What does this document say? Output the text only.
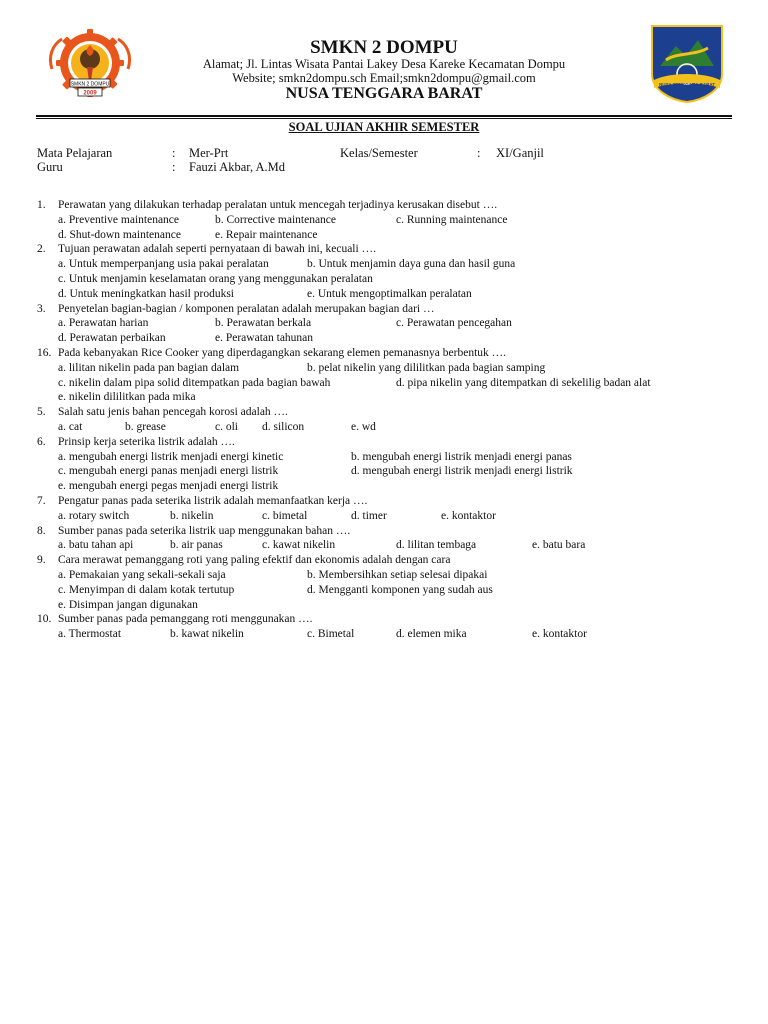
SMKN 2 DOMPU
2009
NUSA TENGGARA BARAT
SMKN 2 DOMPU
Alamat; Jl. Lintas Wisata Pantai Lakey Desa Kareke Kecamatan Dompu
Website; smkn2dompu.sch Email;smkn2dompu@gmail.com
NUSA TENGGARA BARAT
SOAL UJIAN AKHIR SEMESTER
Mata Pelajaran	: Mer-Prt	Kelas/Semester	: XI/Ganjil
Guru	: Fauzi Akbar, A.Md
1. Perawatan yang dilakukan terhadap peralatan untuk mencegah terjadinya kerusakan disebut ….
a. Preventive maintenance	b. Corrective maintenance	c. Running maintenance
d. Shut-down maintenance	e. Repair maintenance
2. Tujuan perawatan adalah seperti pernyataan di bawah ini, kecuali ….
a. Untuk memperpanjang usia pakai peralatan	b. Untuk menjamin daya guna dan hasil guna
c. Untuk menjamin keselamatan orang yang menggunakan peralatan
d. Untuk meningkatkan hasil produksi	e. Untuk mengoptimalkan peralatan
3. Penyetelan bagian-bagian / komponen peralatan adalah merupakan bagian dari …
a. Perawatan harian	b. Perawatan berkala	c. Perawatan pencegahan
d. Perawatan perbaikan	e. Perawatan tahunan
16. Pada kebanyakan Rice Cooker yang diperdagangkan sekarang elemen pemanasnya berbentuk ….
a. lilitan nikelin pada pan bagian dalam	b. pelat nikelin yang dililitkan pada bagian samping
c. nikelin dalam pipa solid ditempatkan pada bagian bawah	d. pipa nikelin yang ditempatkan di sekelilig badan alat
e. nikelin dililitkan pada mika
5. Salah satu jenis bahan pencegah korosi adalah ….
a. cat	b. grease	c. oli d. silicon	e. wd
6. Prinsip kerja seterika listrik adalah ….
a. mengubah energi listrik menjadi energi kinetic	b. mengubah energi listrik menjadi energi panas
c. mengubah energi panas menjadi energi listrik	d. mengubah energi listrik menjadi energi listrik
e. mengubah energi pegas menjadi energi listrik
7. Pengatur panas pada seterika listrik adalah memanfaatkan kerja ….
a. rotary switch	b. nikelin	c. bimetal	d. timer	e. kontaktor
8. Sumber panas pada seterika listrik uap menggunakan bahan ….
a. batu tahan api	b. air panas	c. kawat nikelin	d. lilitan tembaga	e. batu bara
9. Cara merawat pemanggang roti yang paling efektif dan ekonomis adalah dengan cara
a. Pemakaian yang sekali-sekali saja	b. Membersihkan setiap selesai dipakai
c. Menyimpan di dalam kotak tertutup	d. Mengganti komponen yang sudah aus
e. Disimpan jangan digunakan
10. Sumber panas pada pemanggang roti menggunakan ….
a. Thermostat	b. kawat nikelin	c. Bimetal	d. elemen mika	e. kontaktor
